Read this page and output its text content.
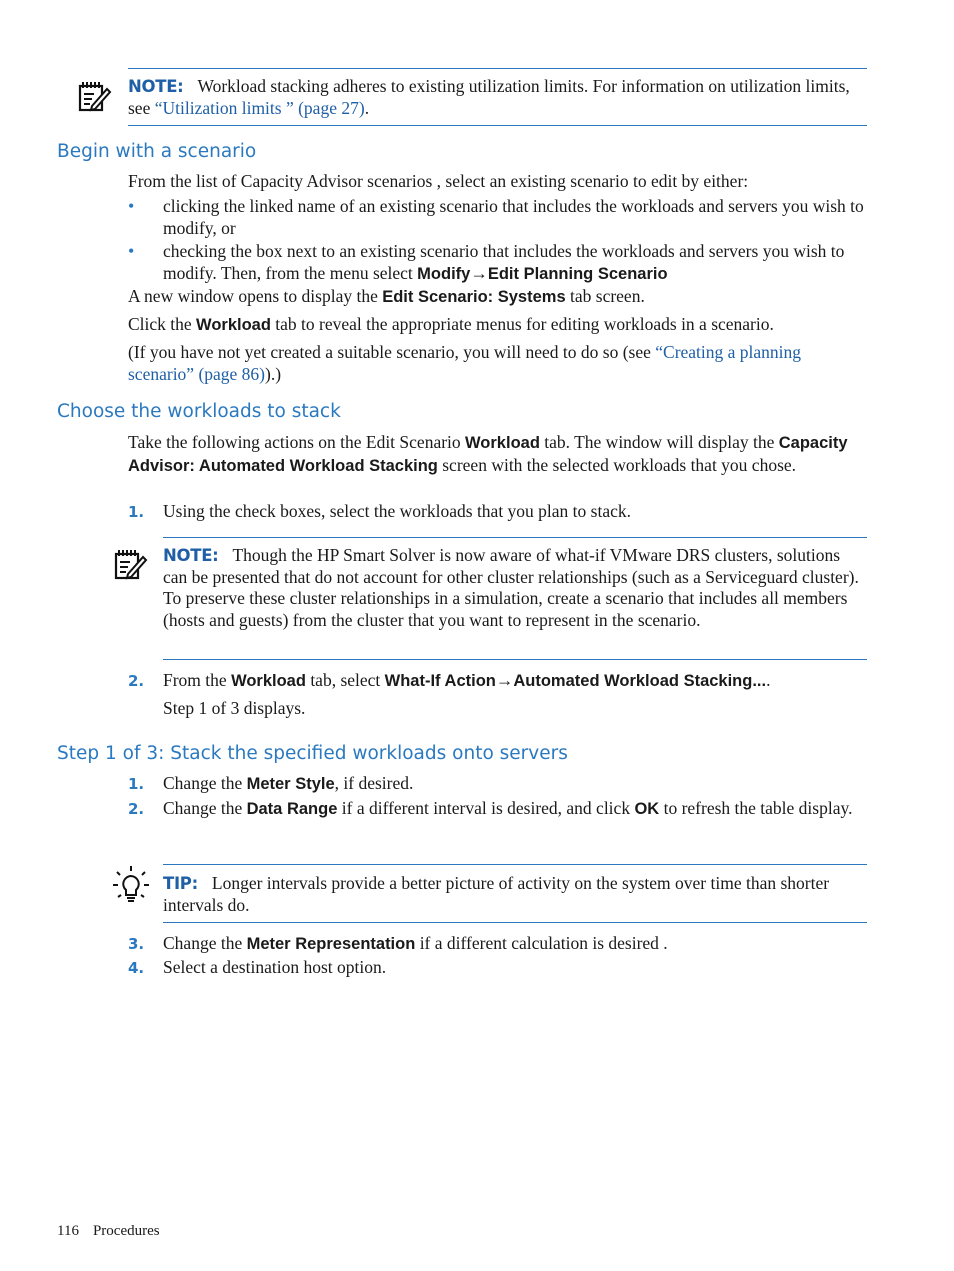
NOTE: Workload stacking adheres to existing utilization limits. For information on utilization limits, see “Utilization limits ” (page 27).
Begin with a scenario
From the list of Capacity Advisor scenarios , select an existing scenario to edit by either:
• clicking the linked name of an existing scenario that includes the workloads and servers you wish to modify, or
• checking the box next to an existing scenario that includes the workloads and servers you wish to modify. Then, from the menu select Modify→Edit Planning Scenario
A new window opens to display the Edit Scenario: Systems tab screen.
Click the Workload tab to reveal the appropriate menus for editing workloads in a scenario.
(If you have not yet created a suitable scenario, you will need to do so (see “Creating a planning scenario” (page 86)).)
Choose the workloads to stack
Take the following actions on the Edit Scenario Workload tab. The window will display the Capacity Advisor: Automated Workload Stacking screen with the selected workloads that you chose.
1. Using the check boxes, select the workloads that you plan to stack.
NOTE: Though the HP Smart Solver is now aware of what-if VMware DRS clusters, solutions can be presented that do not account for other cluster relationships (such as a Serviceguard cluster). To preserve these cluster relationships in a simulation, create a scenario that includes all members (hosts and guests) from the cluster that you want to represent in the scenario.
2. From the Workload tab, select What-If Action→Automated Workload Stacking....
Step 1 of 3 displays.
Step 1 of 3: Stack the specified workloads onto servers
1. Change the Meter Style, if desired.
2. Change the Data Range if a different interval is desired, and click OK to refresh the table display.
TIP: Longer intervals provide a better picture of activity on the system over time than shorter intervals do.
3. Change the Meter Representation if a different calculation is desired .
4. Select a destination host option.
116 Procedures
